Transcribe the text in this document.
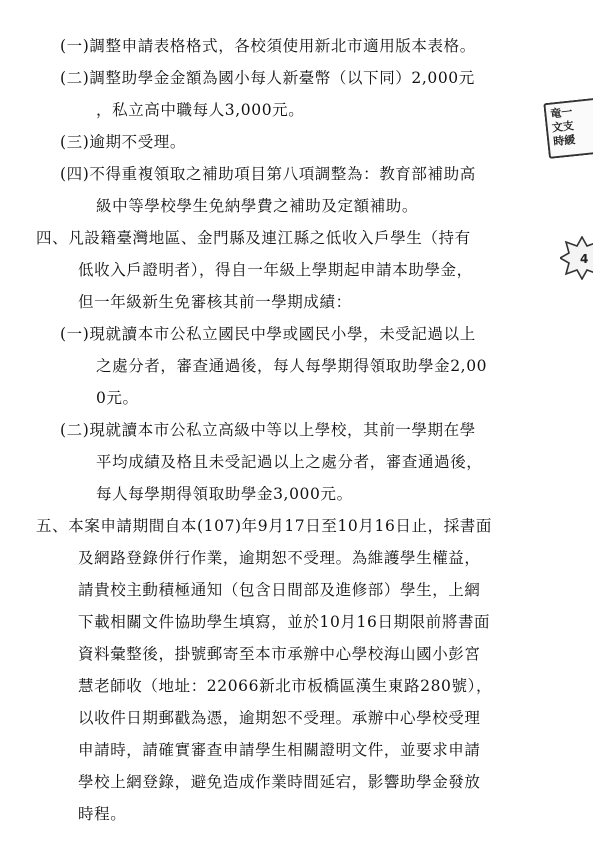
(一)調整申請表格格式，各校須使用新北市適用版本表格。
(二)調整助學金金額為國小每人新臺幣（以下同）2,000元
，私立高中職每人3,000元。
(三)逾期不受理。
(四)不得重複領取之補助項目第八項調整為：教育部補助高
級中等學校學生免納學費之補助及定額補助。
四、凡設籍臺灣地區、金門縣及連江縣之低收入戶學生（持有
低收入戶證明者），得自一年級上學期起申請本助學金，
但一年級新生免審核其前一學期成績：
(一)現就讀本市公私立國民中學或國民小學，未受記過以上
之處分者，審查通過後，每人每學期得領取助學金2,00
0元。
(二)現就讀本市公私立高級中等以上學校，其前一學期在學
平均成績及格且未受記過以上之處分者，審查通過後，
每人每學期得領取助學金3,000元。
五、本案申請期間自本(107)年9月17日至10月16日止，採書面
及網路登錄併行作業，逾期恕不受理。為維護學生權益，
請貴校主動積極通知（包含日間部及進修部）學生，上網
下載相關文件協助學生填寫，並於10月16日期限前將書面
資料彙整後，掛號郵寄至本市承辦中心學校海山國小彭宮
慧老師收（地址：22066新北市板橋區漢生東路280號），
以收件日期郵戳為憑，逾期恕不受理。承辦中心學校受理
申請時，請確實審查申請學生相關證明文件，並要求申請
學校上網登錄，避免造成作業時間延宕，影響助學金發放
時程。
竜一
文支
時緩
4
